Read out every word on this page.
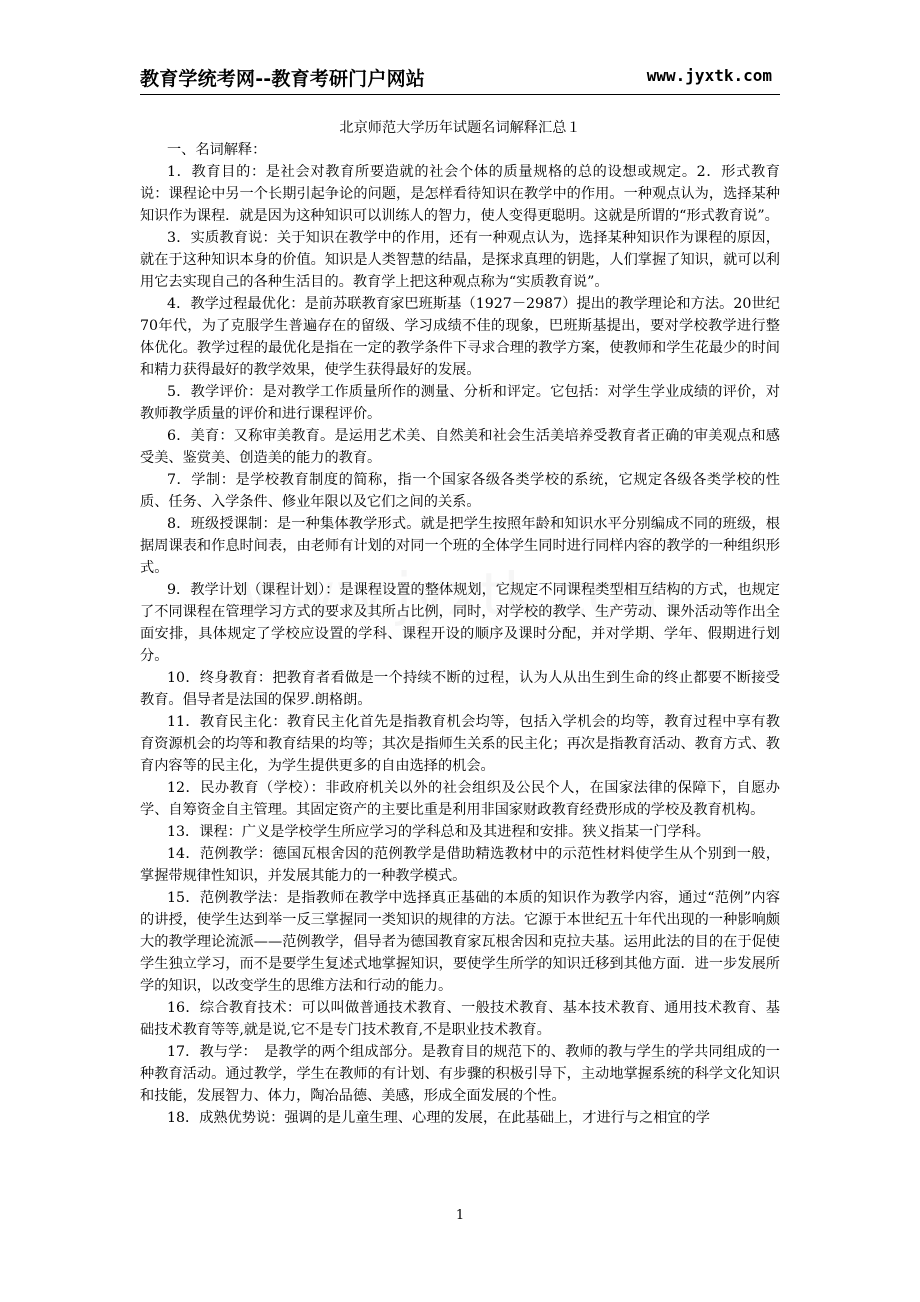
教育学统考网--教育考研门户网站	www.jyxtk.com

北京师范大学历年试题名词解释汇总１

一、名词解释：

1．教育目的：是社会对教育所要造就的社会个体的质量规格的总的设想或规定。2．形式教育说：课程论中另一个长期引起争论的问题，是怎样看待知识在教学中的作用。一种观点认为，选择某种知识作为课程．就是因为这种知识可以训练人的智力，使人变得更聪明。这就是所谓的“形式教育说”。

3．实质教育说：关于知识在教学中的作用，还有一种观点认为，选择某种知识作为课程的原因，就在于这种知识本身的价值。知识是人类智慧的结晶，是探求真理的钥匙，人们掌握了知识，就可以利用它去实现自己的各种生活目的。教育学上把这种观点称为“实质教育说”。

4．教学过程最优化：是前苏联教育家巴班斯基（1927－2987）提出的教学理论和方法。20世纪70年代，为了克服学生普遍存在的留级、学习成绩不佳的现象，巴班斯基提出，要对学校教学进行整体优化。教学过程的最优化是指在一定的教学条件下寻求合理的教学方案，使教师和学生花最少的时间和精力获得最好的教学效果，使学生获得最好的发展。

5．教学评价：是对教学工作质量所作的测量、分析和评定。它包括：对学生学业成绩的评价，对教师教学质量的评价和进行课程评价。

6．美育：又称审美教育。是运用艺术美、自然美和社会生活美培养受教育者正确的审美观点和感受美、鉴赏美、创造美的能力的教育。

7．学制：是学校教育制度的简称，指一个国家各级各类学校的系统，它规定各级各类学校的性质、任务、入学条件、修业年限以及它们之间的关系。

8．班级授课制：是一种集体教学形式。就是把学生按照年龄和知识水平分别编成不同的班级，根据周课表和作息时间表，由老师有计划的对同一个班的全体学生同时进行同样内容的教学的一种组织形式。

9．教学计划（课程计划）：是课程设置的整体规划，它规定不同课程类型相互结构的方式，也规定了不同课程在管理学习方式的要求及其所占比例，同时，对学校的教学、生产劳动、课外活动等作出全面安排，具体规定了学校应设置的学科、课程开设的顺序及课时分配，并对学期、学年、假期进行划分。

10．终身教育：把教育者看做是一个持续不断的过程，认为人从出生到生命的终止都要不断接受教育。倡导者是法国的保罗.朗格朗。

11．教育民主化：教育民主化首先是指教育机会均等，包括入学机会的均等，教育过程中享有教育资源机会的均等和教育结果的均等；其次是指师生关系的民主化；再次是指教育活动、教育方式、教育内容等的民主化，为学生提供更多的自由选择的机会。

12．民办教育（学校）：非政府机关以外的社会组织及公民个人，在国家法律的保障下，自愿办学、自筹资金自主管理。其固定资产的主要比重是利用非国家财政教育经费形成的学校及教育机构。

13．课程：广义是学校学生所应学习的学科总和及其进程和安排。狭义指某一门学科。

14．范例教学：德国瓦根舍因的范例教学是借助精选教材中的示范性材料使学生从个别到一般，掌握带规律性知识，并发展其能力的一种教学模式。

15．范例教学法：是指教师在教学中选择真正基础的本质的知识作为教学内容，通过“范例”内容的讲授，使学生达到举一反三掌握同一类知识的规律的方法。它源于本世纪五十年代出现的一种影响颇大的教学理论流派——范例教学，倡导者为德国教育家瓦根舍因和克拉夫基。运用此法的目的在于促使学生独立学习，而不是要学生复述式地掌握知识，要使学生所学的知识迁移到其他方面．进一步发展所学的知识，以改变学生的思维方法和行动的能力。

16．综合教育技术：可以叫做普通技术教育、一般技术教育、基本技术教育、通用技术教育、基础技术教育等等,就是说,它不是专门技术教育,不是职业技术教育。

17．教与学：　是教学的两个组成部分。是教育目的规范下的、教师的教与学生的学共同组成的一种教育活动。通过教学，学生在教师的有计划、有步骤的积极引导下，主动地掌握系统的科学文化知识和技能，发展智力、体力，陶冶品德、美感，形成全面发展的个性。

18．成熟优势说：强调的是儿童生理、心理的发展，在此基础上，才进行与之相宜的学

1
